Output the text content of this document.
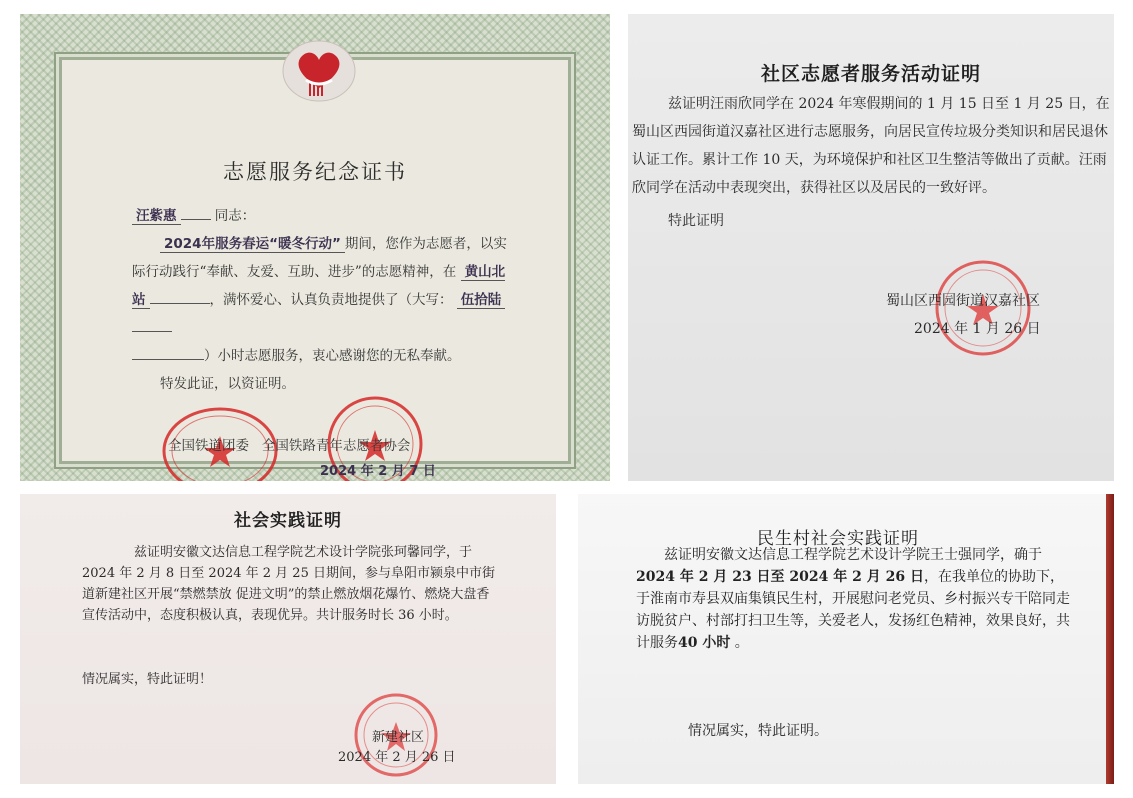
志愿服务纪念证书
汪紫惠	同志：
2024年服务春运“暖冬行动” 期间，您作为志愿者，以实际行动践行“奉献、友爱、互助、进步”的志愿精神，在 黄山北站	，满怀爱心、认真负责地提供了（大写： 伍拾陆
）小时志愿服务，衷心感谢您的无私奉献。
特发此证，以资证明。
全国铁道团委 全国铁路青年志愿者协会
2024 年 2 月 7 日
社区志愿者服务活动证明
兹证明汪雨欣同学在 2024 年寒假期间的 1 月 15 日至 1 月 25 日，在蜀山区西园街道汉嘉社区进行志愿服务，向居民宣传垃圾分类知识和居民退休认证工作。累计工作 10 天，为环境保护和社区卫生整洁等做出了贡献。汪雨欣同学在活动中表现突出，获得社区以及居民的一致好评。
特此证明
蜀山区西园街道汉嘉社区
2024 年 1 月 26 日
社会实践证明
兹证明安徽文达信息工程学院艺术设计学院张珂馨同学，于 2024 年 2 月 8 日至 2024 年 2 月 25 日期间，参与阜阳市颍泉中市街道新建社区开展“禁燃禁放 促进文明”的禁止燃放烟花爆竹、燃烧大盘香宣传活动中，态度积极认真，表现优异。共计服务时长 36 小时。
情况属实，特此证明！
新建社区
2024 年 2 月 26 日
民生村社会实践证明
兹证明安徽文达信息工程学院艺术设计学院王士强同学，确于2024 年 2 月 23 日至 2024 年 2 月 26 日，在我单位的协助下，于淮南市寿县双庙集镇民生村，开展慰问老党员、乡村振兴专干陪同走访脱贫户、村部打扫卫生等，关爱老人，发扬红色精神，效果良好，共计服务40 小时 。
情况属实，特此证明。
